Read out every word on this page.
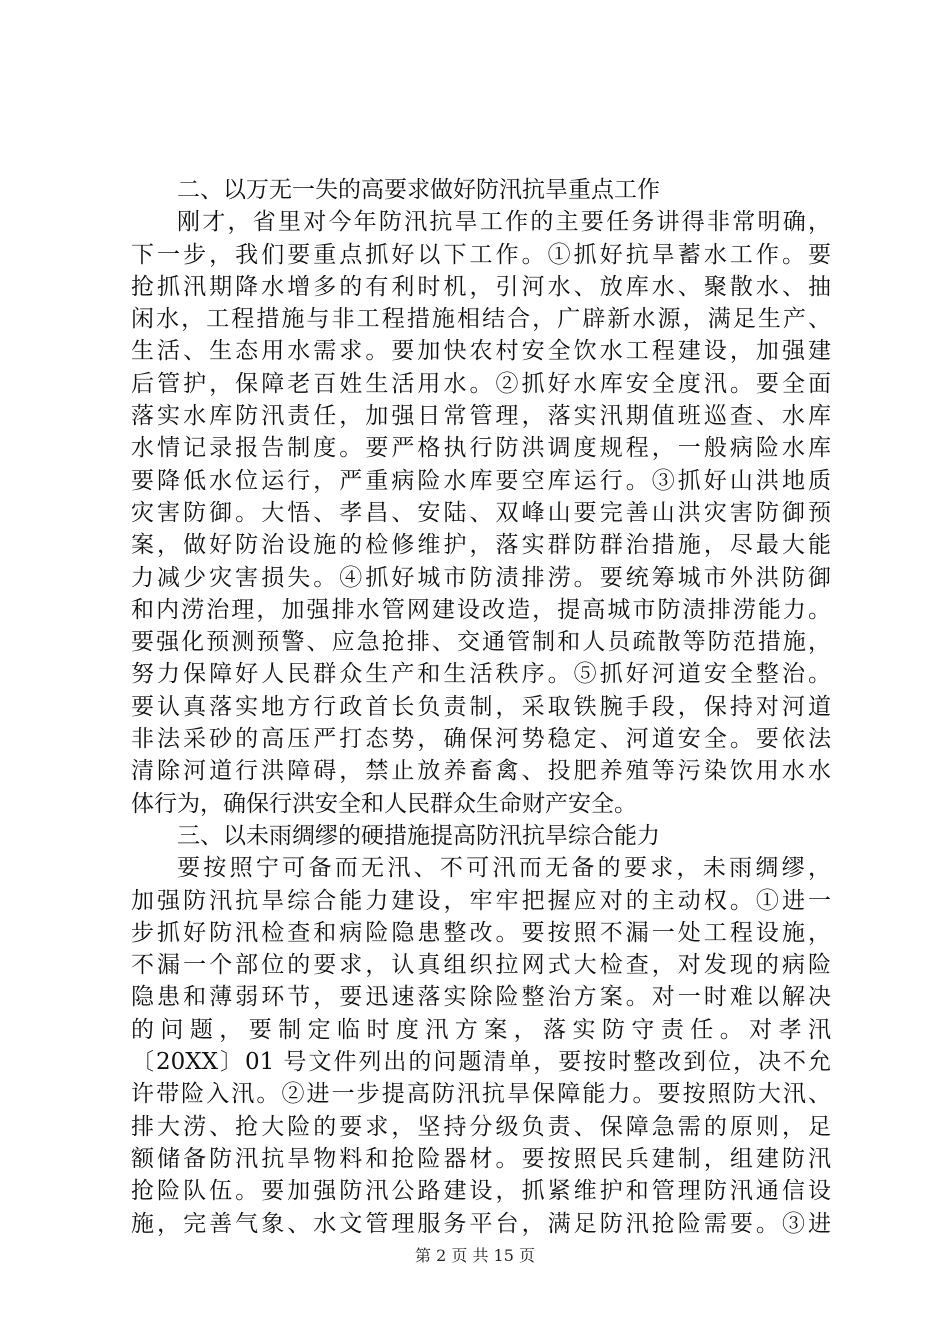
二、以万无一失的高要求做好防汛抗旱重点工作
刚才，省里对今年防汛抗旱工作的主要任务讲得非常明确，
下一步，我们要重点抓好以下工作。①抓好抗旱蓄水工作。要
抢抓汛期降水增多的有利时机，引河水、放库水、聚散水、抽
闲水，工程措施与非工程措施相结合，广辟新水源，满足生产、
生活、生态用水需求。要加快农村安全饮水工程建设，加强建
后管护，保障老百姓生活用水。②抓好水库安全度汛。要全面
落实水库防汛责任，加强日常管理，落实汛期值班巡查、水库
水情记录报告制度。要严格执行防洪调度规程，一般病险水库
要降低水位运行，严重病险水库要空库运行。③抓好山洪地质
灾害防御。大悟、孝昌、安陆、双峰山要完善山洪灾害防御预
案，做好防治设施的检修维护，落实群防群治措施，尽最大能
力减少灾害损失。④抓好城市防渍排涝。要统筹城市外洪防御
和内涝治理，加强排水管网建设改造，提高城市防渍排涝能力。
要强化预测预警、应急抢排、交通管制和人员疏散等防范措施，
努力保障好人民群众生产和生活秩序。⑤抓好河道安全整治。
要认真落实地方行政首长负责制，采取铁腕手段，保持对河道
非法采砂的高压严打态势，确保河势稳定、河道安全。要依法
清除河道行洪障碍，禁止放养畜禽、投肥养殖等污染饮用水水
体行为，确保行洪安全和人民群众生命财产安全。
三、以未雨绸缪的硬措施提高防汛抗旱综合能力
要按照宁可备而无汛、不可汛而无备的要求，未雨绸缪，
加强防汛抗旱综合能力建设，牢牢把握应对的主动权。①进一
步抓好防汛检查和病险隐患整改。要按照不漏一处工程设施，
不漏一个部位的要求，认真组织拉网式大检查，对发现的病险
隐患和薄弱环节，要迅速落实除险整治方案。对一时难以解决
的问题，要制定临时度汛方案，落实防守责任。对孝汛
〔20XX〕01 号文件列出的问题清单，要按时整改到位，决不允
许带险入汛。②进一步提高防汛抗旱保障能力。要按照防大汛、
排大涝、抢大险的要求，坚持分级负责、保障急需的原则，足
额储备防汛抗旱物料和抢险器材。要按照民兵建制，组建防汛
抢险队伍。要加强防汛公路建设，抓紧维护和管理防汛通信设
施，完善气象、水文管理服务平台，满足防汛抢险需要。③进
第 2 页 共 15 页
